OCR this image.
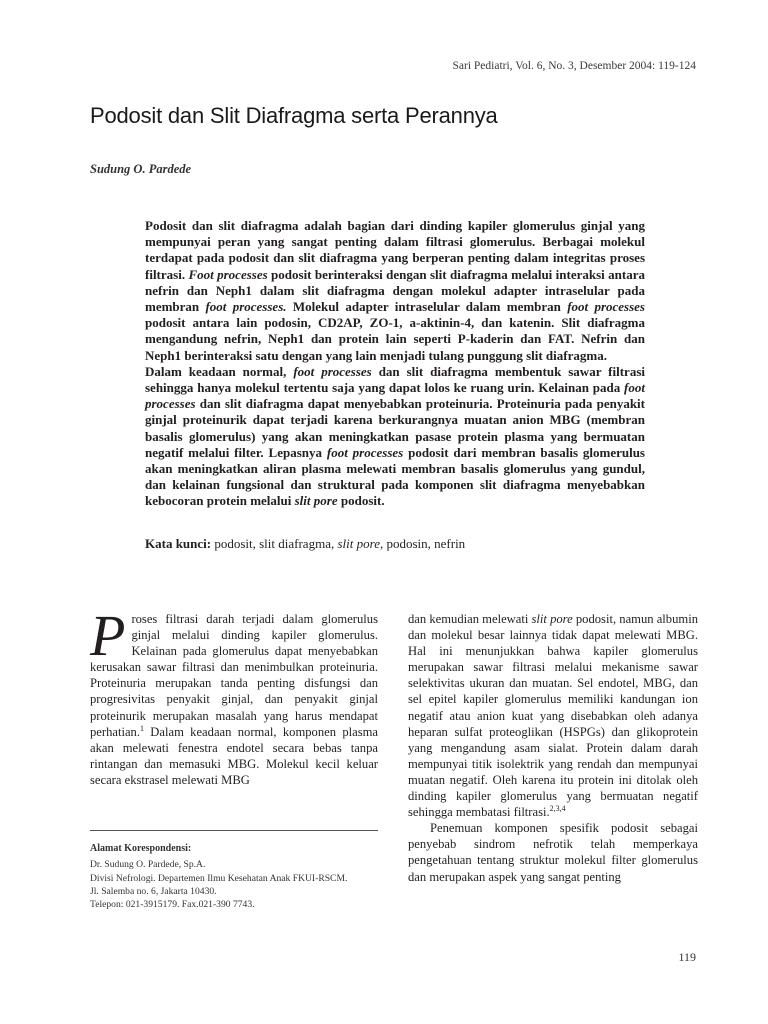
Sari Pediatri, Vol. 6, No. 3, Desember 2004: 119-124
Podosit dan Slit Diafragma serta Perannya
Sudung O. Pardede

Podosit dan slit diafragma adalah bagian dari dinding kapiler glomerulus ginjal yang mempunyai peran yang sangat penting dalam filtrasi glomerulus. Berbagai molekul terdapat pada podosit dan slit diafragma yang berperan penting dalam integritas proses filtrasi. Foot processes podosit berinteraksi dengan slit diafragma melalui interaksi antara nefrin dan Neph1 dalam slit diafragma dengan molekul adapter intraselular pada membran foot processes. Molekul adapter intraselular dalam membran foot processes podosit antara lain podosin, CD2AP, ZO-1, a-aktinin-4, dan katenin. Slit diafragma mengandung nefrin, Neph1 dan protein lain seperti P-kaderin dan FAT. Nefrin dan Neph1 berinteraksi satu dengan yang lain menjadi tulang punggung slit diafragma.

Dalam keadaan normal, foot processes dan slit diafragma membentuk sawar filtrasi sehingga hanya molekul tertentu saja yang dapat lolos ke ruang urin. Kelainan pada foot processes dan slit diafragma dapat menyebabkan proteinuria. Proteinuria pada penyakit ginjal proteinurik dapat terjadi karena berkurangnya muatan anion MBG (membran basalis glomerulus) yang akan meningkatkan pasase protein plasma yang bermuatan negatif melalui filter. Lepasnya foot processes podosit dari membran basalis glomerulus akan meningkatkan aliran plasma melewati membran basalis glomerulus yang gundul, dan kelainan fungsional dan struktural pada komponen slit diafragma menyebabkan kebocoran protein melalui slit pore podosit.

Kata kunci: podosit, slit diafragma, slit pore, podosin, nefrin

Proses filtrasi darah terjadi dalam glomerulus ginjal melalui dinding kapiler glomerulus. Kelainan pada glomerulus dapat menyebabkan kerusakan sawar filtrasi dan menimbulkan proteinuria. Proteinuria merupakan tanda penting disfungsi dan progresivitas penyakit ginjal, dan penyakit ginjal proteinurik merupakan masalah yang harus mendapat perhatian.$^1$ Dalam keadaan normal, komponen plasma akan melewati fenestra endotel secara bebas tanpa rintangan dan memasuki MBG. Molekul kecil keluar secara ekstrasel melewati MBG

dan kemudian melewati slit pore podosit, namun albumin dan molekul besar lainnya tidak dapat melewati MBG. Hal ini menunjukkan bahwa kapiler glomerulus merupakan sawar filtrasi melalui mekanisme sawar selektivitas ukuran dan muatan. Sel endotel, MBG, dan sel epitel kapiler glomerulus memiliki kandungan ion negatif atau anion kuat yang disebabkan oleh adanya heparan sulfat proteoglikan (HSPGs) dan glikoprotein yang mengandung asam sialat. Protein dalam darah mempunyai titik isolektrik yang rendah dan mempunyai muatan negatif. Oleh karena itu protein ini ditolak oleh dinding kapiler glomerulus yang bermuatan negatif sehingga membatasi filtrasi.$^{2,3,4}$

Penemuan komponen spesifik podosit sebagai penyebab sindrom nefrotik telah memperkaya pengetahuan tentang struktur molekul filter glomerulus dan merupakan aspek yang sangat penting

Alamat Korespondensi:
Dr. Sudung O. Pardede, Sp.A.
Divisi Nefrologi. Departemen Ilmu Kesehatan Anak FKUI-RSCM.
Jl. Salemba no. 6, Jakarta 10430.
Telepon: 021-3915179. Fax.021-390 7743.
119
